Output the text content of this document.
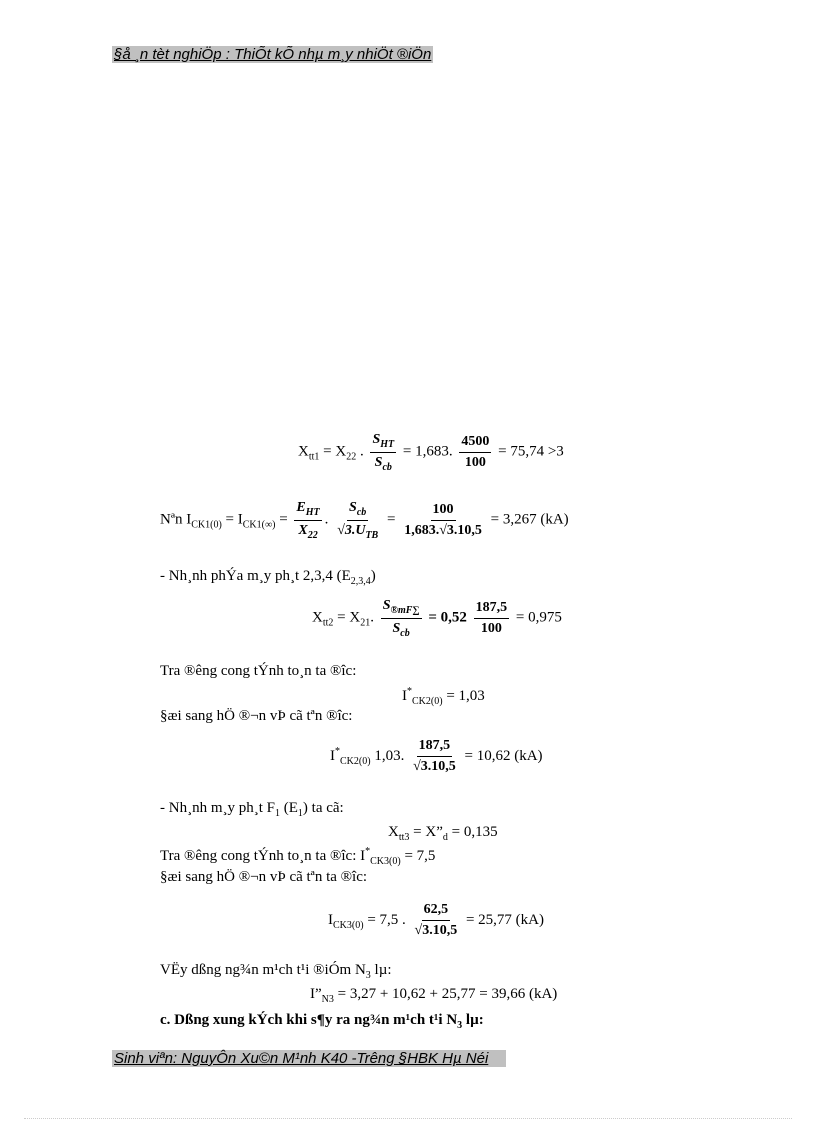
§å ¸n tèt nghiÖp : ThiÕt kÕ nhµ m¸y nhiÖt ®iÖn
$X_{tt1} = X_{22}$ . $\frac{S_{HT}}{S_{cb}} = 1,683$. $\frac{4500}{100} = 75,74 >3$
Nªn $I_{CK1(0)} = I_{CK1(\infty)} = \frac{E_{HT}}{X_{22}}$ . $\frac{S_{cb}}{√3.U_{TB}} = \frac{100}{1,683.√3.10,5} = 3,267$ (kA)
- Nh¸nh phÝa m¸y ph¸t 2,3,4 $(E_{2,3,4})$
$X_{tt2} = X_{21}$. $\frac{S_{®mF\sum}}{S_{cb}} = 0,52 \frac{187,5}{100} = 0,975$
Tra ®êng cong tÝnh to¸n ta ®îc:
$I^*_{CK2(0)} = 1,03$
§æi sang hÖ ®¬n vÞ cã tªn ®îc:
$I^*_{CK2(0)}$ 1,03. $\frac{187,5}{√3.10,5} = 10,62$ (kA)
- Nh¸nh m¸y ph¸t $F_1$ $(E_1)$ ta cã:
$X_{tt3}$ = $X”_d = 0,135$
Tra ®êng cong tÝnh to¸n ta ®îc: $I^*_{CK3(0)} = 7,5$
§æi sang hÖ ®¬n vÞ cã tªn ta ®îc:
$I_{CK3(0)} = 7,5$ . $\frac{62,5}{√3.10,5} = 25,77$ (kA)
VËy dßng ng¾n m¹ch t¹i ®iÓm $N_3$ lµ:
$I”_{N3} = 3,27 + 10,62 + 25,77 = 39,66$ (kA)
c. Dßng xung kÝch khi s¶y ra ng¾n m¹ch t¹i $N_3$ lµ:
Sinh viªn: NguyÔn Xu©n M¹nh K40 -Trêng §HBK Hµ Néi
